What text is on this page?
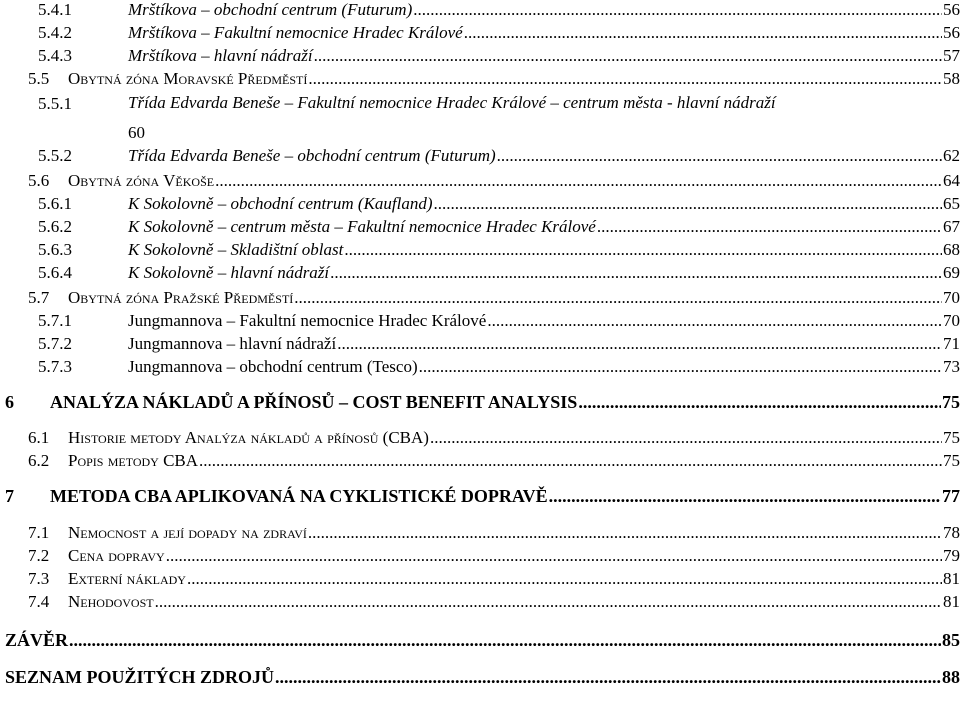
5.4.1	Mrštíkova – obchodní centrum (Futurum) .....	56
5.4.2	Mrštíkova – Fakultní nemocnice Hradec Králové .....	56
5.4.3	Mrštíkova – hlavní nádraží .....	57
5.5	Obytná zóna Moravské Předměstí .....	58
5.5.1	Třída Edvarda Beneše – Fakultní nemocnice Hradec Králové – centrum města - hlavní nádraží
60
5.5.2	Třída Edvarda Beneše – obchodní centrum (Futurum) .....	62
5.6	Obytná zóna Věkoše .....	64
5.6.1	K Sokolovně – obchodní centrum (Kaufland) .....	65
5.6.2	K Sokolovně – centrum města – Fakultní nemocnice Hradec Králové .....	67
5.6.3	K Sokolovně – Skladištní oblast .....	68
5.6.4	K Sokolovně – hlavní nádraží .....	69
5.7	Obytná zóna Pražské Předměstí .....	70
5.7.1	Jungmannova – Fakultní nemocnice Hradec Králové .....	70
5.7.2	Jungmannova – hlavní nádraží .....	71
5.7.3	Jungmannova – obchodní centrum (Tesco) .....	73
6	ANALÝZA NÁKLADŮ A PŘÍNOSŮ – COST BENEFIT ANALYSIS .....	75
6.1	Historie metody Analýza nákladů a přínosů (CBA) .....	75
6.2	Popis metody CBA .....	75
7	METODA CBA APLIKOVANÁ NA CYKLISTICKÉ DOPRAVĚ .....	77
7.1	Nemocnost a její dopady na zdraví .....	78
7.2	Cena dopravy .....	79
7.3	Externí náklady .....	81
7.4	Nehodovost .....	81
ZÁVĚR .....	85
SEZNAM POUŽITÝCH ZDROJŮ .....	88
